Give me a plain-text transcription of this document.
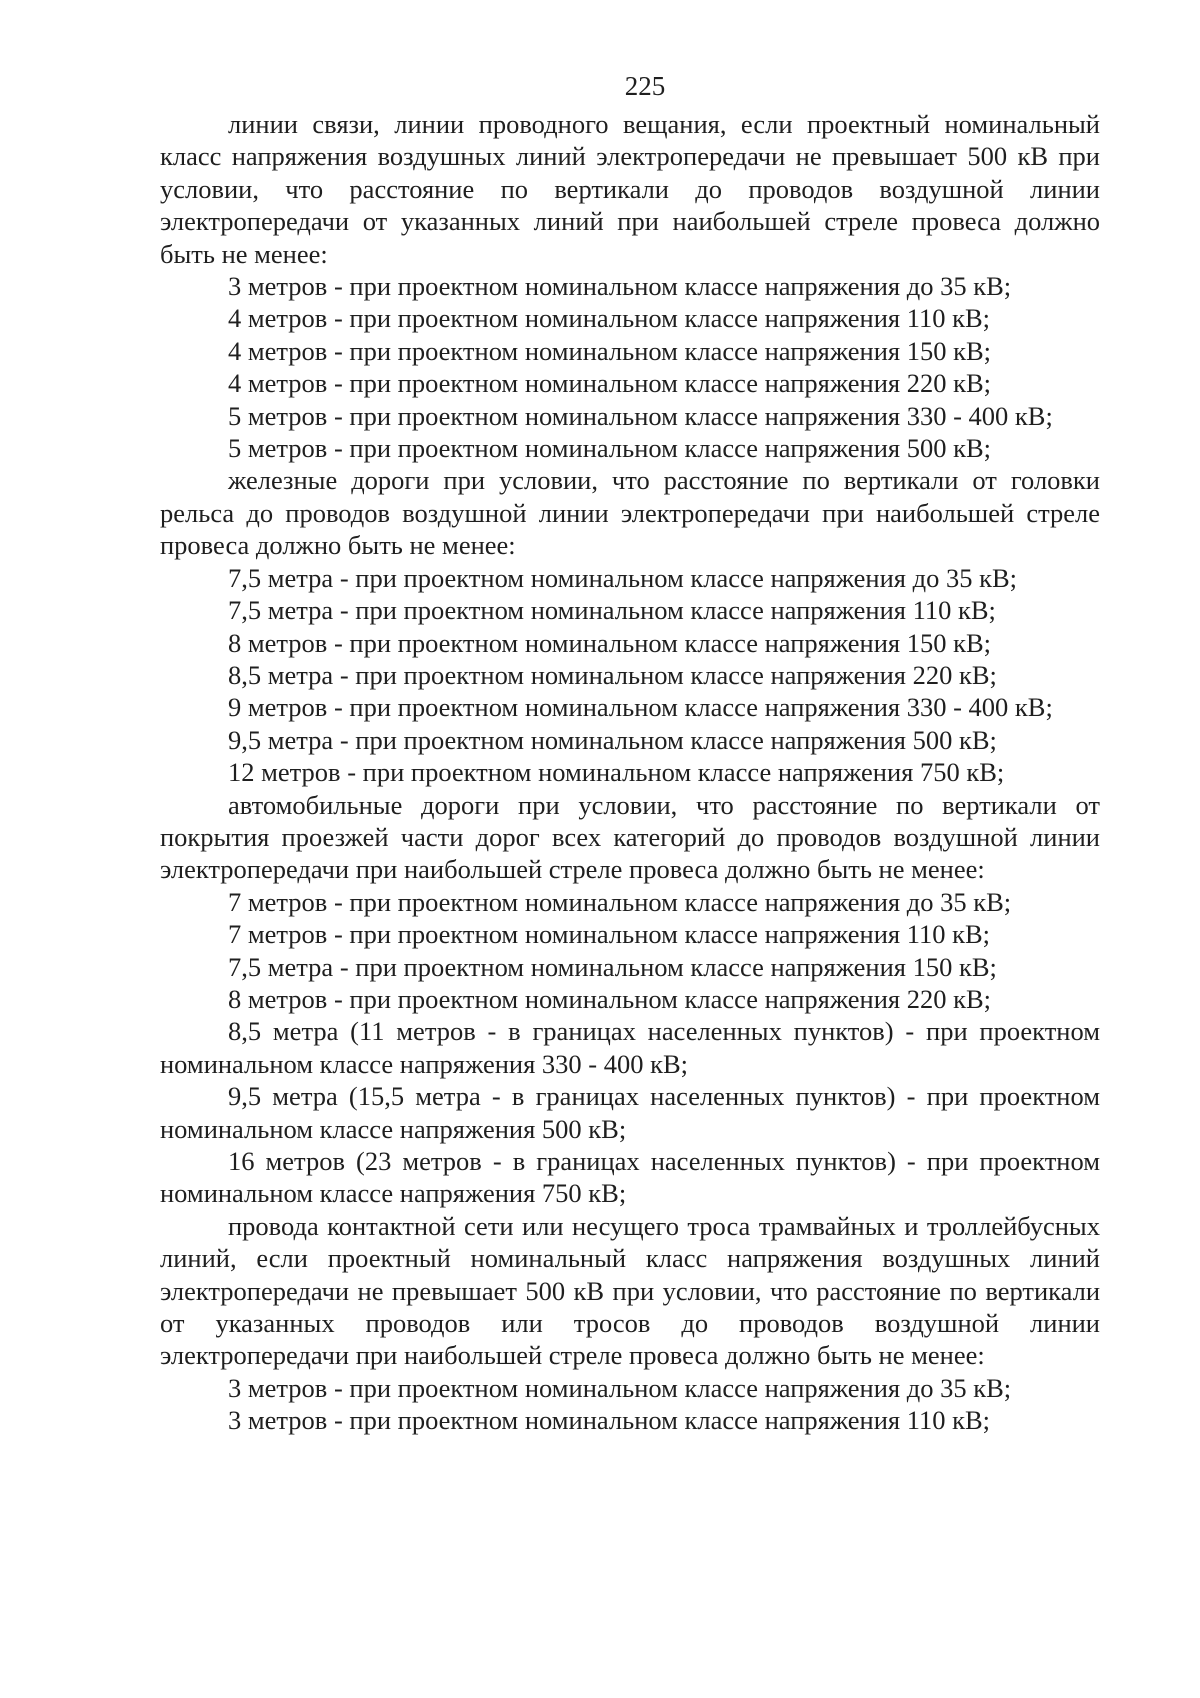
225

линии связи, линии проводного вещания, если проектный номинальный класс напряжения воздушных линий электропередачи не превышает 500 кВ при условии, что расстояние по вертикали до проводов воздушной линии электропередачи от указанных линий при наибольшей стреле провеса должно быть не менее:

3 метров - при проектном номинальном классе напряжения до 35 кВ;

4 метров - при проектном номинальном классе напряжения 110 кВ;

4 метров - при проектном номинальном классе напряжения 150 кВ;

4 метров - при проектном номинальном классе напряжения 220 кВ;

5 метров - при проектном номинальном классе напряжения 330 - 400 кВ;

5 метров - при проектном номинальном классе напряжения 500 кВ;

железные дороги при условии, что расстояние по вертикали от головки рельса до проводов воздушной линии электропередачи при наибольшей стреле провеса должно быть не менее:

7,5 метра - при проектном номинальном классе напряжения до 35 кВ;

7,5 метра - при проектном номинальном классе напряжения 110 кВ;

8 метров - при проектном номинальном классе напряжения 150 кВ;

8,5 метра - при проектном номинальном классе напряжения 220 кВ;

9 метров - при проектном номинальном классе напряжения 330 - 400 кВ;

9,5 метра - при проектном номинальном классе напряжения 500 кВ;

12 метров - при проектном номинальном классе напряжения 750 кВ;

автомобильные дороги при условии, что расстояние по вертикали от покрытия проезжей части дорог всех категорий до проводов воздушной линии электропередачи при наибольшей стреле провеса должно быть не менее:

7 метров - при проектном номинальном классе напряжения до 35 кВ;

7 метров - при проектном номинальном классе напряжения 110 кВ;

7,5 метра - при проектном номинальном классе напряжения 150 кВ;

8 метров - при проектном номинальном классе напряжения 220 кВ;

8,5 метра (11 метров - в границах населенных пунктов) - при проектном номинальном классе напряжения 330 - 400 кВ;

9,5 метра (15,5 метра - в границах населенных пунктов) - при проектном номинальном классе напряжения 500 кВ;

16 метров (23 метров - в границах населенных пунктов) - при проектном номинальном классе напряжения 750 кВ;

провода контактной сети или несущего троса трамвайных и троллейбусных линий, если проектный номинальный класс напряжения воздушных линий электропередачи не превышает 500 кВ при условии, что расстояние по вертикали от указанных проводов или тросов до проводов воздушной линии электропередачи при наибольшей стреле провеса должно быть не менее:

3 метров - при проектном номинальном классе напряжения до 35 кВ;

3 метров - при проектном номинальном классе напряжения 110 кВ;
